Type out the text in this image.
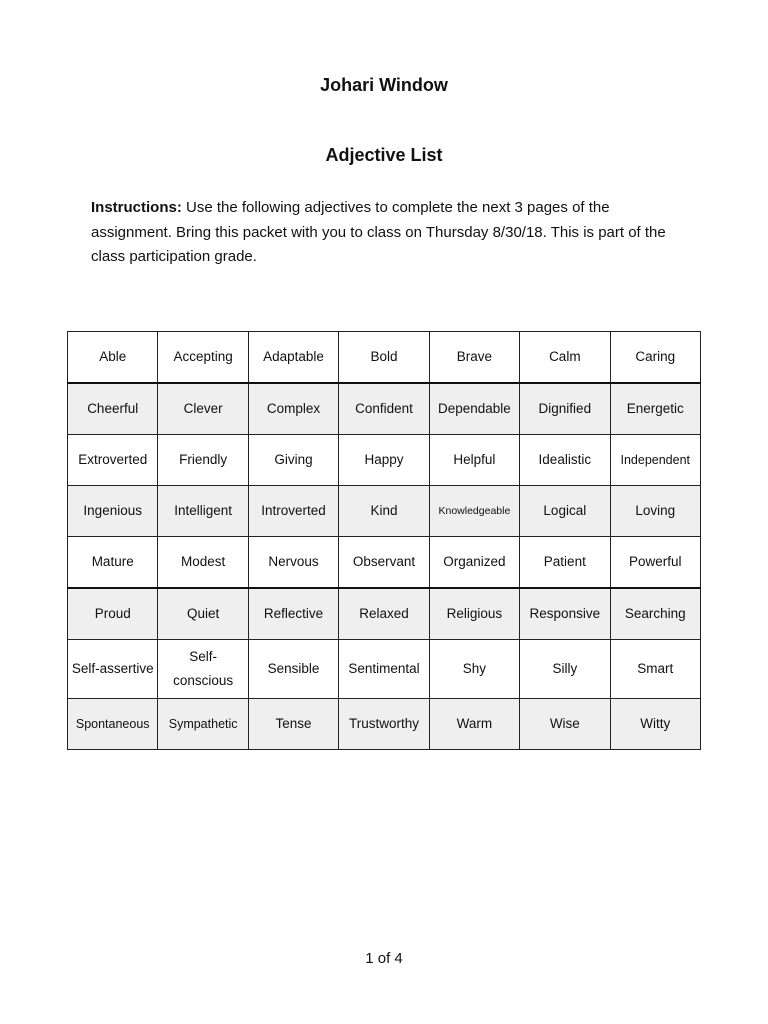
Johari Window
Adjective List
Instructions: Use the following adjectives to complete the next 3 pages of the assignment. Bring this packet with you to class on Thursday 8/30/18. This is part of the class participation grade.
Able	Accepting	Adaptable	Bold	Brave	Calm	Caring
Cheerful	Clever	Complex	Confident	Dependable	Dignified	Energetic
Extroverted	Friendly	Giving	Happy	Helpful	Idealistic	Independent
Ingenious	Intelligent	Introverted	Kind	Knowledgeable	Logical	Loving
Mature	Modest	Nervous	Observant	Organized	Patient	Powerful
Proud	Quiet	Reflective	Relaxed	Religious	Responsive	Searching
Self-assertive	Self-conscious	Sensible	Sentimental	Shy	Silly	Smart
Spontaneous	Sympathetic	Tense	Trustworthy	Warm	Wise	Witty
1 of 4
